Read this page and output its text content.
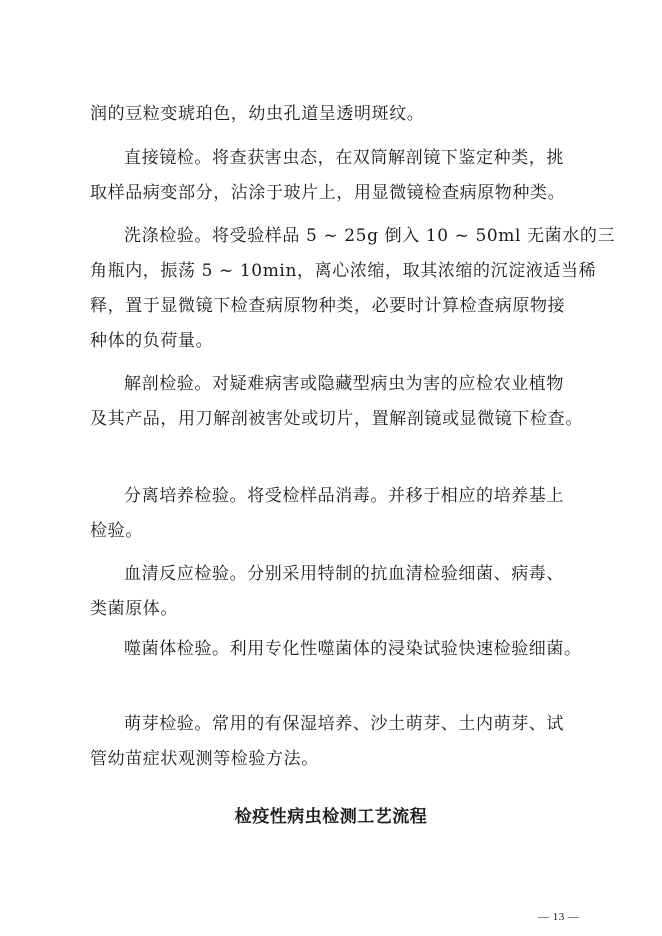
润的豆粒变琥珀色，幼虫孔道呈透明斑纹。
直接镜检。将查获害虫态，在双筒解剖镜下鉴定种类，挑
取样品病变部分，沾涂于玻片上，用显微镜检查病原物种类。
洗涤检验。将受验样品 5 ~ 25g 倒入 10 ~ 50ml 无菌水的三
角瓶内，振荡 5 ~ 10min，离心浓缩，取其浓缩的沉淀液适当稀
释，置于显微镜下检查病原物种类，必要时计算检查病原物接
种体的负荷量。
解剖检验。对疑难病害或隐藏型病虫为害的应检农业植物
及其产品，用刀解剖被害处或切片，置解剖镜或显微镜下检查。
分离培养检验。将受检样品消毒。并移于相应的培养基上
检验。
血清反应检验。分别采用特制的抗血清检验细菌、病毒、
类菌原体。
噬菌体检验。利用专化性噬菌体的浸染试验快速检验细菌。
萌芽检验。常用的有保湿培养、沙土萌芽、土内萌芽、试
管幼苗症状观测等检验方法。
检疫性病虫检测工艺流程
— 13 —
